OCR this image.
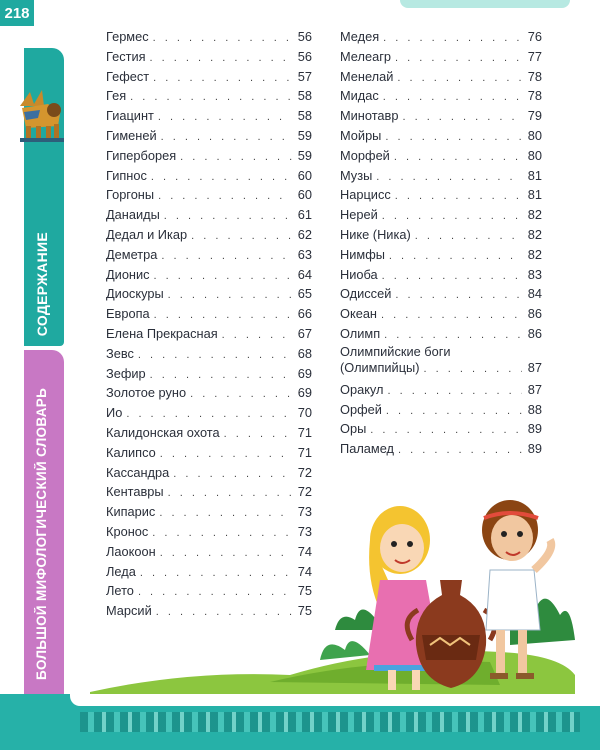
218
СОДЕРЖАНИЕ
БОЛЬШОЙ МИФОЛОГИЧЕСКИЙ СЛОВАРЬ
Гермес . . .	56
Гестия . . .	56
Гефест . . .	57
Гея . . .	58
Гиацинт . . .	58
Гименей . . .	59
Гиперборея . . .	59
Гипнос . . .	60
Горгоны . . .	60
Данаиды . . .	61
Дедал и Икар . . .	62
Деметра . . .	63
Дионис . . .	64
Диоскуры . . .	65
Европа . . .	66
Елена Прекрасная . . .	67
Зевс . . .	68
Зефир . . .	69
Золотое руно . . .	69
Ио . . .	70
Калидонская охота . . .	71
Калипсо . . .	71
Кассандра . . .	72
Кентавры . . .	72
Кипарис . . .	73
Кронос . . .	73
Лаокоон . . .	74
Леда . . .	74
Лето . . .	75
Марсий . . .	75
Медея . . .	76
Мелеагр . . .	77
Менелай . . .	78
Мидас . . .	78
Минотавр . . .	79
Мойры . . .	80
Морфей . . .	80
Музы . . .	81
Нарцисс . . .	81
Нерей . . .	82
Нике (Ника) . . .	82
Нимфы . . .	82
Ниоба . . .	83
Одиссей . . .	84
Океан . . .	86
Олимп . . .	86
Олимпийские боги
(Олимпийцы) . . .	87
Оракул . . .	87
Орфей . . .	88
Оры . . .	89
Паламед . . .	89
